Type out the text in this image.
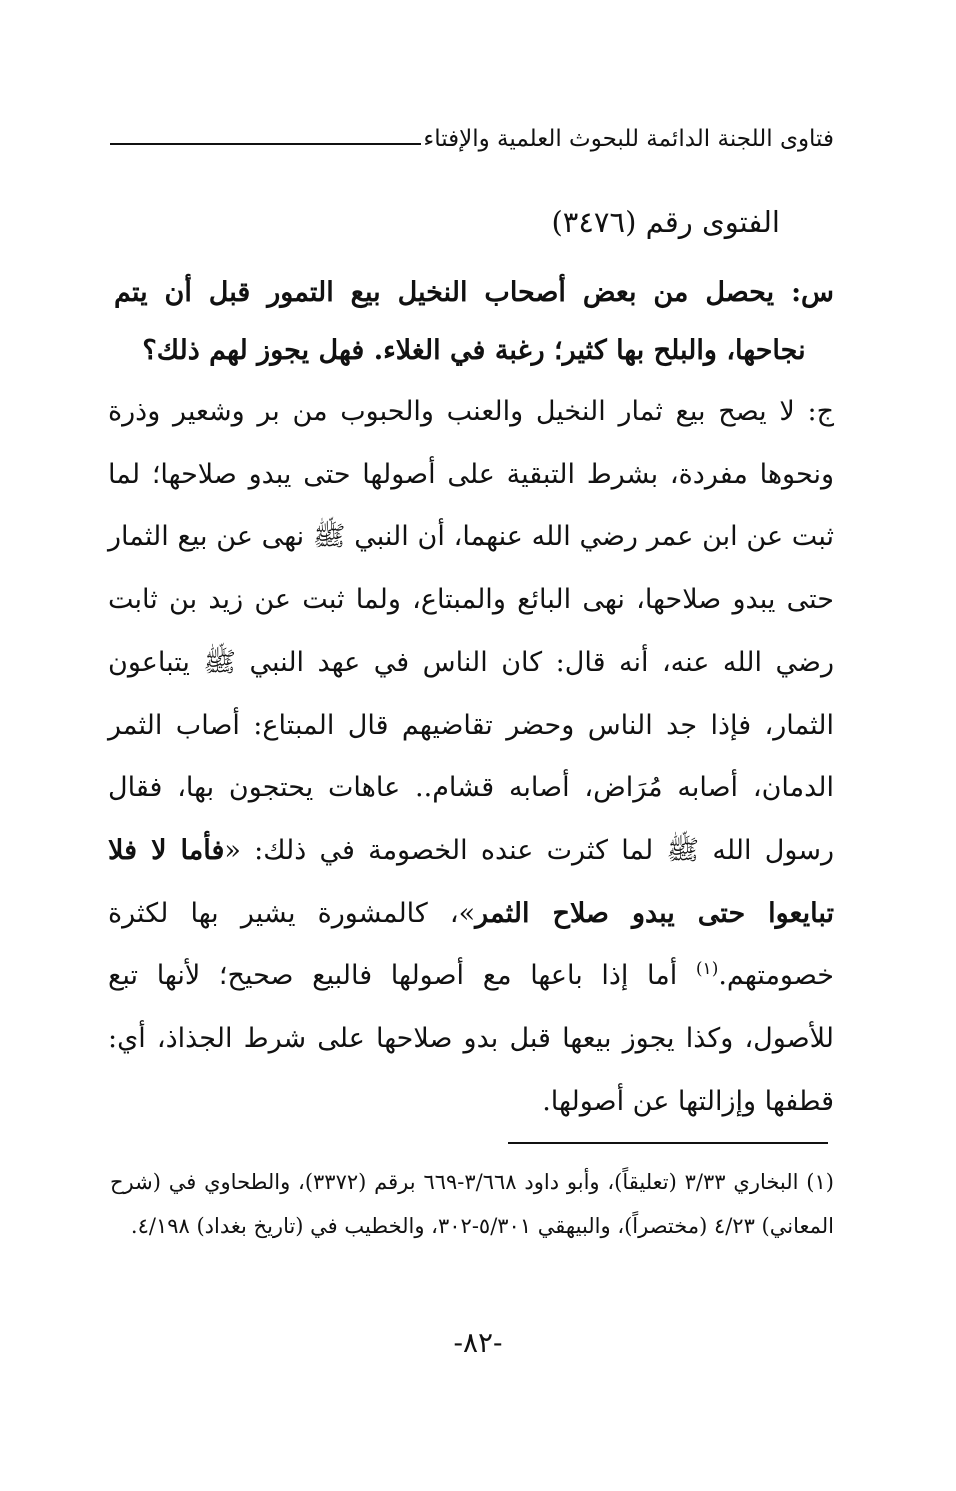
فتاوى اللجنة الدائمة للبحوث العلمية والإفتاء
الفتوى رقم (٣٤٧٦)
س: يحصل من بعض أصحاب النخيل بيع التمور قبل أن يتم نجاحها، والبلح بها كثير؛ رغبة في الغلاء. فهل يجوز لهم ذلك؟
ج: لا يصح بيع ثمار النخيل والعنب والحبوب من بر وشعير وذرة ونحوها مفردة، بشرط التبقية على أصولها حتى يبدو صلاحها؛ لما ثبت عن ابن عمر رضي الله عنهما، أن النبي ﷺ نهى عن بيع الثمار حتى يبدو صلاحها، نهى البائع والمبتاع، ولما ثبت عن زيد بن ثابت رضي الله عنه، أنه قال: كان الناس في عهد النبي ﷺ يتباعون الثمار، فإذا جد الناس وحضر تقاضيهم قال المبتاع: أصاب الثمر الدمان، أصابه مُرَاض، أصابه قشام.. عاهات يحتجون بها، فقال رسول الله ﷺ لما كثرت عنده الخصومة في ذلك: «فأما لا فلا تبايعوا حتى يبدو صلاح الثمر»، كالمشورة يشير بها لكثرة خصومتهم.$^{(١)}$ أما إذا باعها مع أصولها فالبيع صحيح؛ لأنها تبع للأصول، وكذا يجوز بيعها قبل بدو صلاحها على شرط الجذاذ، أي: قطفها وإزالتها عن أصولها.
(١) البخاري ٣/٣٣ (تعليقاً)، وأبو داود ٣/٦٦٨-٦٦٩ برقم (٣٣٧٢)، والطحاوي في (شرح المعاني) ٤/٢٣ (مختصراً)، والبيهقي ٥/٣٠١-٣٠٢، والخطيب في (تاريخ بغداد) ٤/١٩٨.
-٨٢-
